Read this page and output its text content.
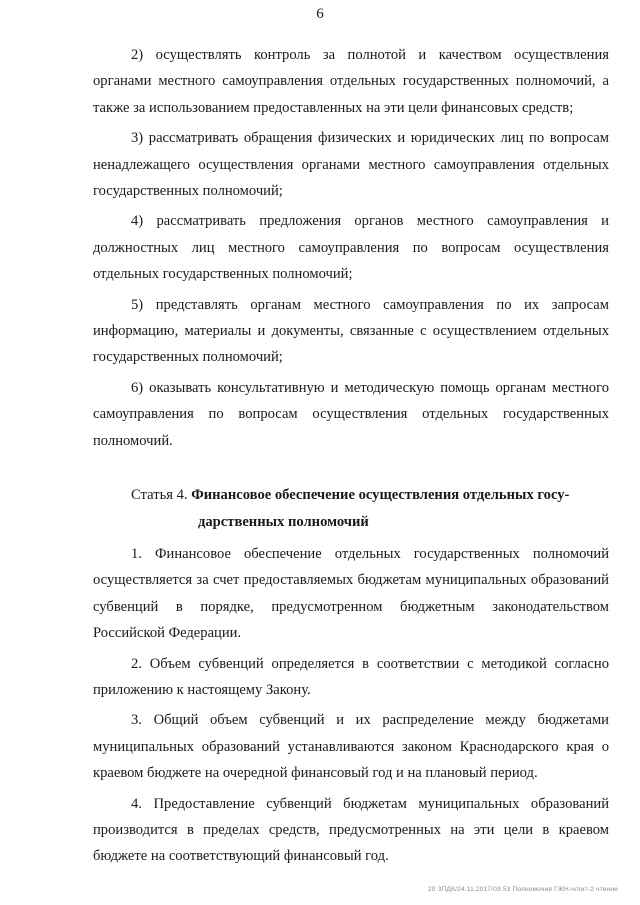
6

2) осуществлять контроль за полнотой и качеством осуществления органами местного самоуправления отдельных государственных полномочий, а также за использованием предоставленных на эти цели финансовых средств;

3) рассматривать обращения физических и юридических лиц по вопросам ненадлежащего осуществления органами местного самоуправления отдельных государственных полномочий;

4) рассматривать предложения органов местного самоуправления и должностных лиц местного самоуправления по вопросам осуществления отдельных государственных полномочий;

5) представлять органам местного самоуправления по их запросам информацию, материалы и документы, связанные с осуществлением отдельных государственных полномочий;

6) оказывать консультативную и методическую помощь органам местного самоуправления по вопросам осуществления отдельных государственных полномочий.

Статья 4. Финансовое обеспечение осуществления отдельных госу-
дарственных полномочий

1. Финансовое обеспечение отдельных государственных полномочий осуществляется за счет предоставляемых бюджетам муниципальных образований субвенций в порядке, предусмотренном бюджетным законодательством Российской Федерации.

2. Объем субвенций определяется в соответствии с методикой согласно приложению к настоящему Закону.

3. Общий объем субвенций и их распределение между бюджетами муниципальных образований устанавливаются законом Краснодарского края о краевом бюджете на очередной финансовый год и на плановый период.

4. Предоставление субвенций бюджетам муниципальных образований производится в пределах средств, предусмотренных на эти цели в краевом бюджете на соответствующий финансовый год.

20 ЗПДК/24.11.2017/03.53 Полномочия ГЖН-ч/лит-2 чтение
